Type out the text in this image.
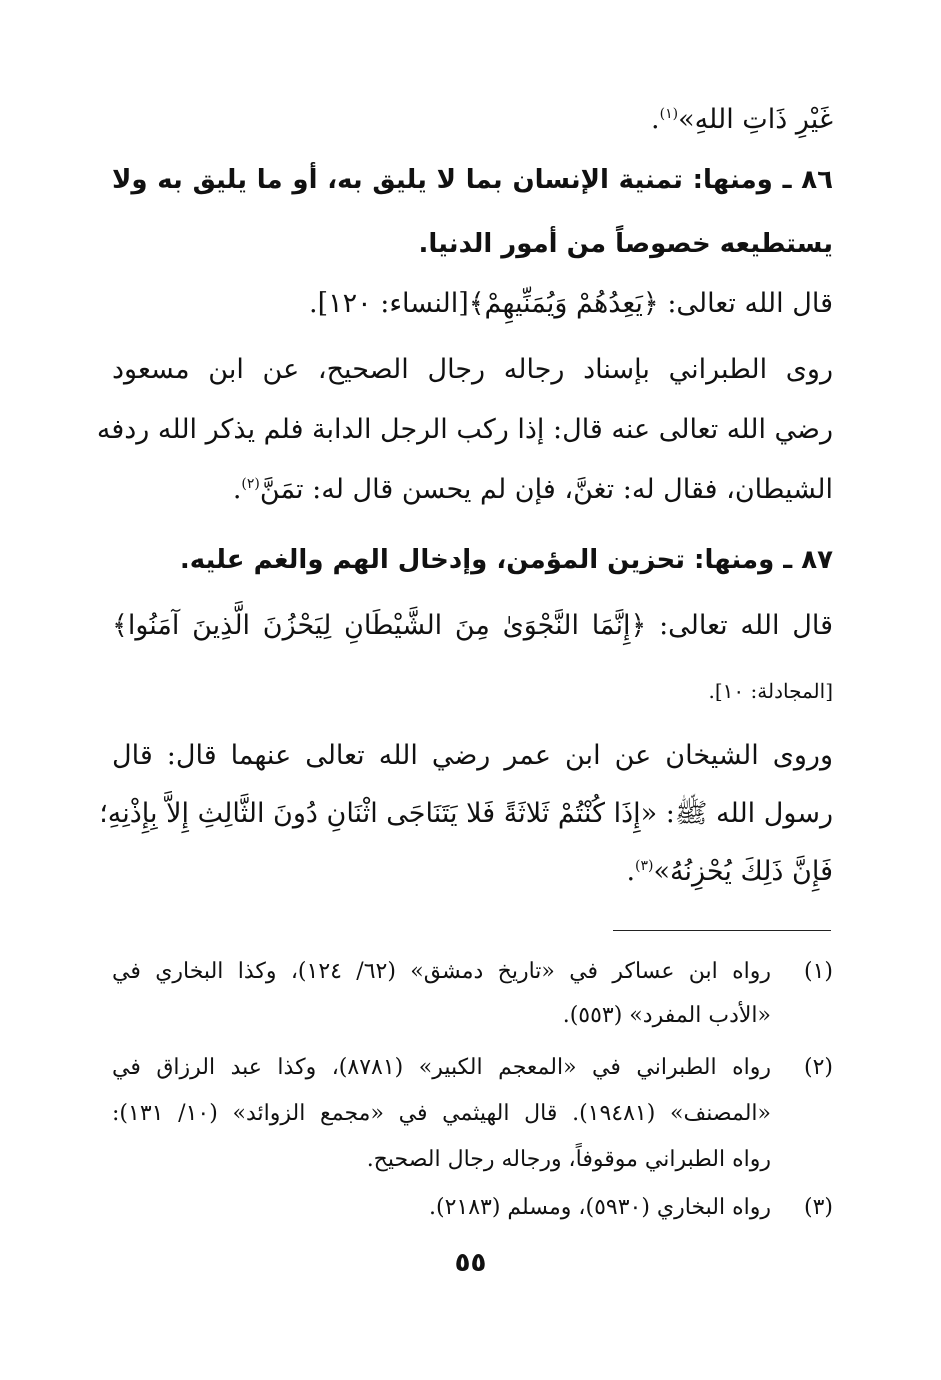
غَيْرِ ذَاتِ اللهِ»$^{(١)}$.
٨٦ ـ ومنها: تمنية الإنسان بما لا يليق به، أو ما يليق به ولا
يستطيعه خصوصاً من أمور الدنيا.
قال الله تعالى: ﴿يَعِدُهُمْ وَيُمَنِّيهِمْ﴾[النساء: ١٢٠].
روى الطبراني بإسناد رجاله رجال الصحيح، عن ابن مسعود
رضي الله تعالى عنه قال: إذا ركب الرجل الدابة فلم يذكر الله ردفه
الشيطان، فقال له: تغنَّ، فإن لم يحسن قال له: تمَنَّ$^{(٢)}$.
٨٧ ـ ومنها: تحزين المؤمن، وإدخال الهم والغم عليه.
قال الله تعالى: ﴿إِنَّمَا النَّجْوَىٰ مِنَ الشَّيْطَانِ لِيَحْزُنَ الَّذِينَ آمَنُوا﴾
[المجادلة: ١٠].
وروى الشيخان عن ابن عمر رضي الله تعالى عنهما قال: قال
رسول الله ﷺ: «إِذَا كُنْتُمْ ثَلاثَةً فَلا يَتَنَاجَى اثْنَانِ دُونَ الثَّالِثِ إِلاَّ بِإِذْنِهِ؛
فَإِنَّ ذَلِكَ يُحْزِنُهُ»$^{(٣)}$.
(١)
رواه ابن عساكر في «تاريخ دمشق» (٦٢/ ١٢٤)، وكذا البخاري في
«الأدب المفرد» (٥٥٣).
(٢)
رواه الطبراني في «المعجم الكبير» (٨٧٨١)، وكذا عبد الرزاق في
«المصنف» (١٩٤٨١). قال الهيثمي في «مجمع الزوائد» (١٠/ ١٣١):
رواه الطبراني موقوفاً، ورجاله رجال الصحيح.
(٣)
رواه البخاري (٥٩٣٠)، ومسلم (٢١٨٣).
٥٥
